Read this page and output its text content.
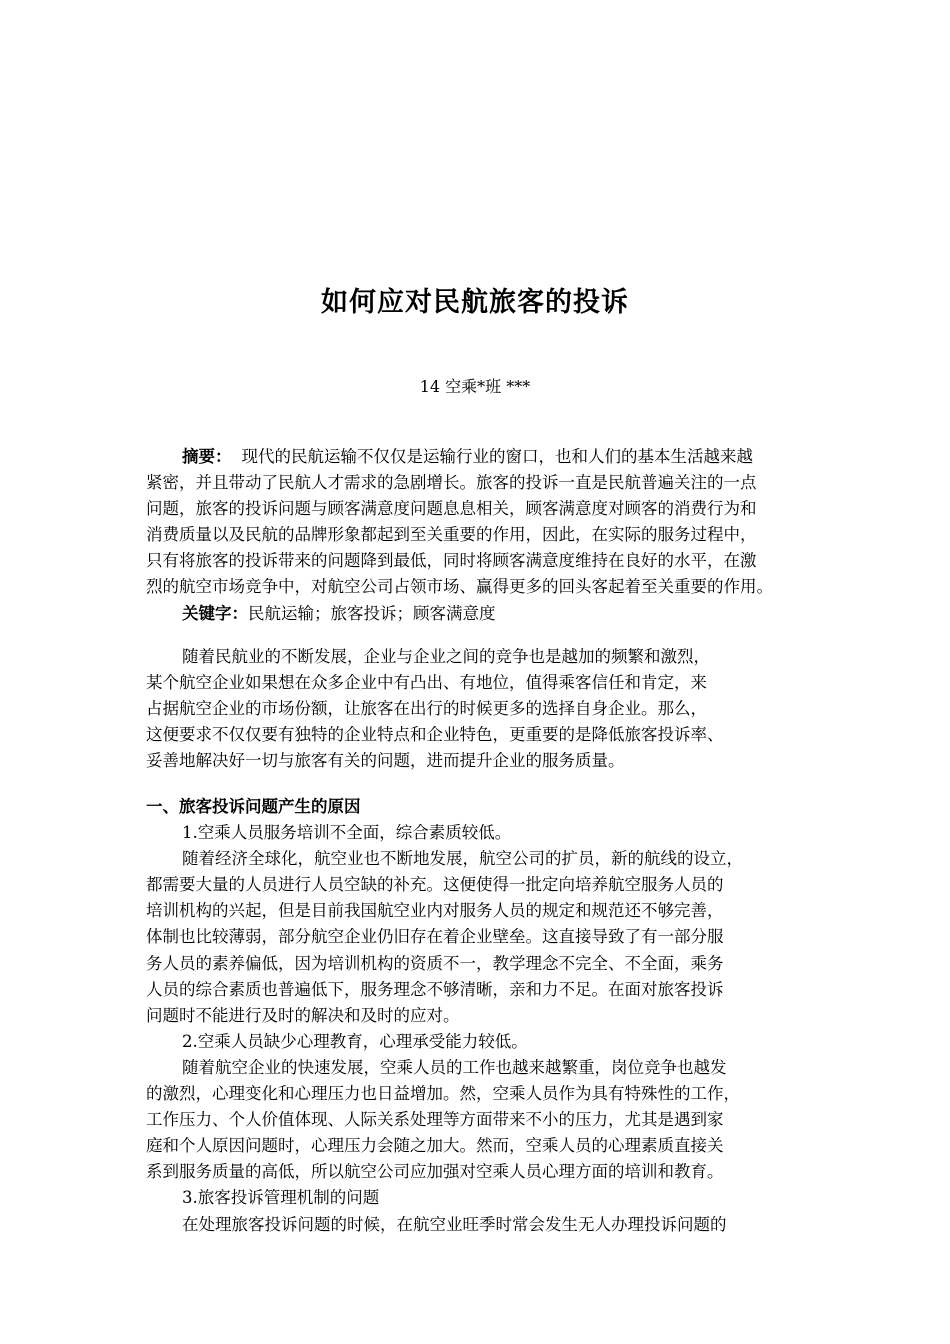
如何应对民航旅客的投诉
14 空乘*班 ***
摘要： 现代的民航运输不仅仅是运输行业的窗口，也和人们的基本生活越来越
紧密，并且带动了民航人才需求的急剧增长。旅客的投诉一直是民航普遍关注的一点
问题，旅客的投诉问题与顾客满意度问题息息相关，顾客满意度对顾客的消费行为和
消费质量以及民航的品牌形象都起到至关重要的作用，因此，在实际的服务过程中，
只有将旅客的投诉带来的问题降到最低，同时将顾客满意度维持在良好的水平，在激
烈的航空市场竞争中，对航空公司占领市场、赢得更多的回头客起着至关重要的作用。
关键字：民航运输；旅客投诉；顾客满意度
随着民航业的不断发展，企业与企业之间的竞争也是越加的频繁和激烈，
某个航空企业如果想在众多企业中有凸出、有地位，值得乘客信任和肯定，来
占据航空企业的市场份额，让旅客在出行的时候更多的选择自身企业。那么，
这便要求不仅仅要有独特的企业特点和企业特色，更重要的是降低旅客投诉率、
妥善地解决好一切与旅客有关的问题，进而提升企业的服务质量。
一、旅客投诉问题产生的原因
1.空乘人员服务培训不全面，综合素质较低。
随着经济全球化，航空业也不断地发展，航空公司的扩员，新的航线的设立，
都需要大量的人员进行人员空缺的补充。这便使得一批定向培养航空服务人员的
培训机构的兴起，但是目前我国航空业内对服务人员的规定和规范还不够完善，
体制也比较薄弱，部分航空企业仍旧存在着企业壁垒。这直接导致了有一部分服
务人员的素养偏低，因为培训机构的资质不一，教学理念不完全、不全面，乘务
人员的综合素质也普遍低下，服务理念不够清晰，亲和力不足。在面对旅客投诉
问题时不能进行及时的解决和及时的应对。
2.空乘人员缺少心理教育，心理承受能力较低。
随着航空企业的快速发展，空乘人员的工作也越来越繁重，岗位竞争也越发
的激烈，心理变化和心理压力也日益增加。然，空乘人员作为具有特殊性的工作，
工作压力、个人价值体现、人际关系处理等方面带来不小的压力，尤其是遇到家
庭和个人原因问题时，心理压力会随之加大。然而，空乘人员的心理素质直接关
系到服务质量的高低，所以航空公司应加强对空乘人员心理方面的培训和教育。
3.旅客投诉管理机制的问题
在处理旅客投诉问题的时候，在航空业旺季时常会发生无人办理投诉问题的
